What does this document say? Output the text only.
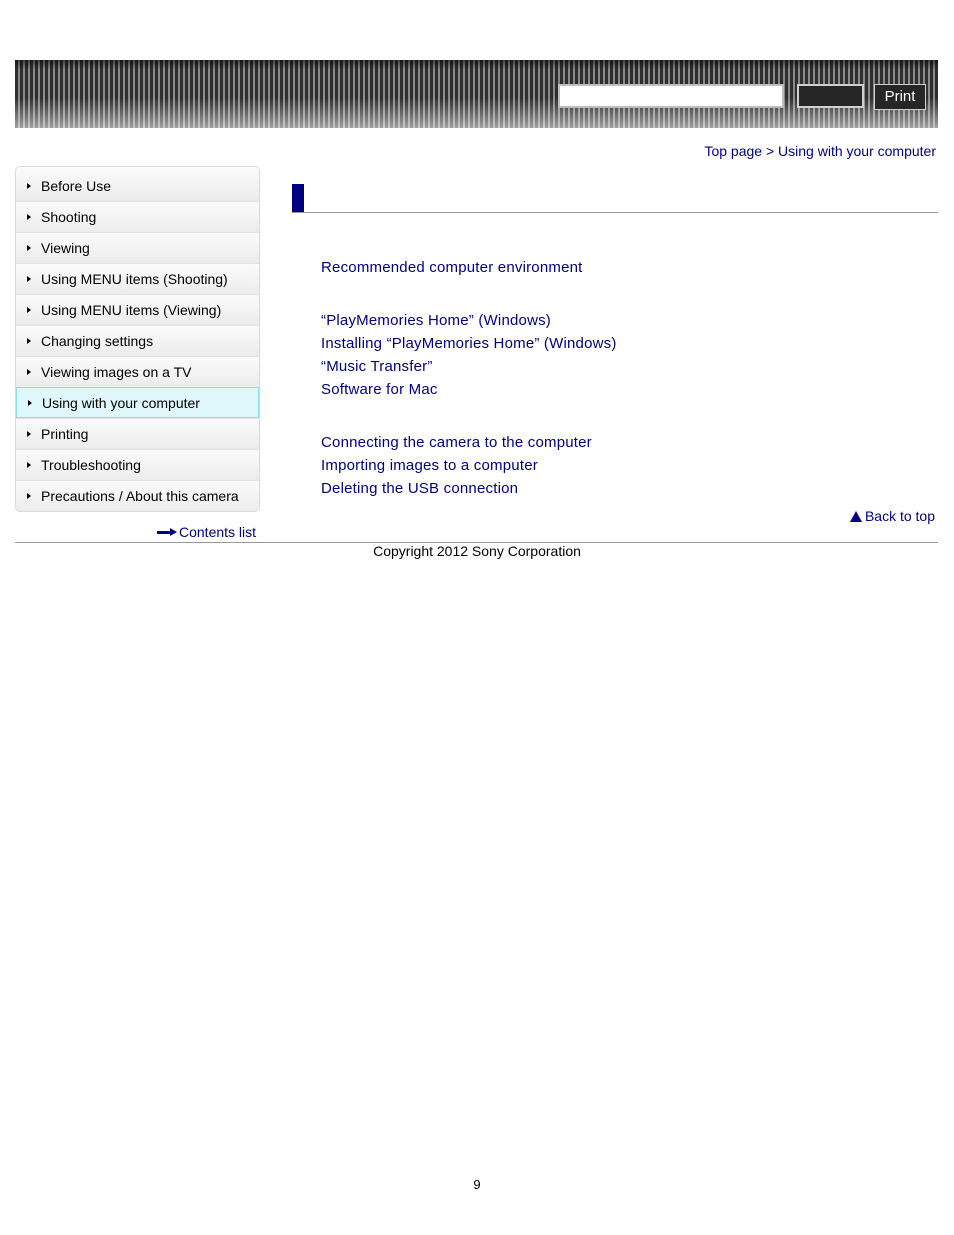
Print
Top page > Using with your computer
Before Use
Shooting
Viewing
Using MENU items (Shooting)
Using MENU items (Viewing)
Changing settings
Viewing images on a TV
Using with your computer
Printing
Troubleshooting
Precautions / About this camera
Contents list
Recommended computer environment
“PlayMemories Home” (Windows)
Installing “PlayMemories Home” (Windows)
“Music Transfer”
Software for Mac
Connecting the camera to the computer
Importing images to a computer
Deleting the USB connection
Back to top
Copyright 2012 Sony Corporation
9
